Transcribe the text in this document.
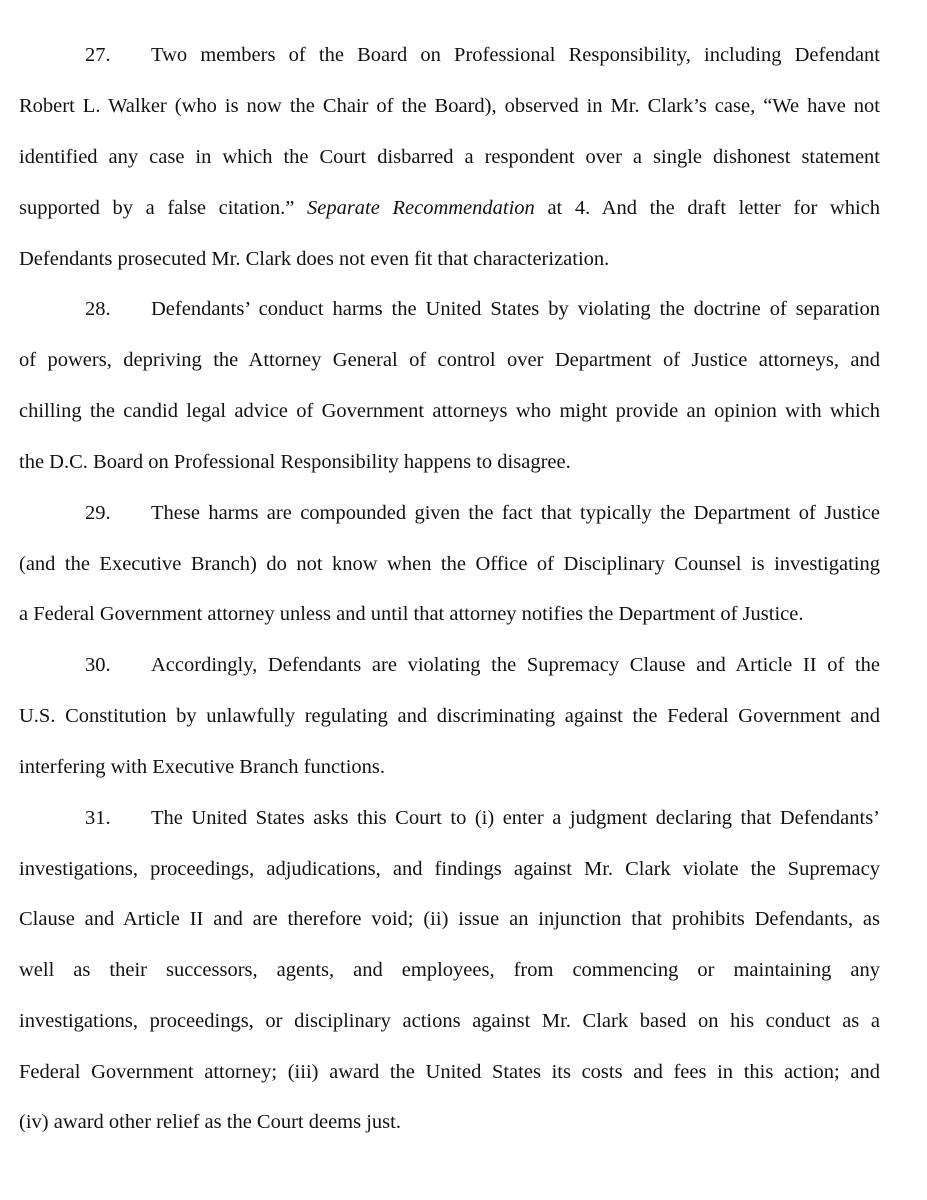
27. Two members of the Board on Professional Responsibility, including Defendant
Robert L. Walker (who is now the Chair of the Board), observed in Mr. Clark’s case, “We have not
identified any case in which the Court disbarred a respondent over a single dishonest statement
supported by a false citation.” Separate Recommendation at 4. And the draft letter for which
Defendants prosecuted Mr. Clark does not even fit that characterization.
28. Defendants’ conduct harms the United States by violating the doctrine of separation
of powers, depriving the Attorney General of control over Department of Justice attorneys, and
chilling the candid legal advice of Government attorneys who might provide an opinion with which
the D.C. Board on Professional Responsibility happens to disagree.
29. These harms are compounded given the fact that typically the Department of Justice
(and the Executive Branch) do not know when the Office of Disciplinary Counsel is investigating
a Federal Government attorney unless and until that attorney notifies the Department of Justice.
30. Accordingly, Defendants are violating the Supremacy Clause and Article II of the
U.S. Constitution by unlawfully regulating and discriminating against the Federal Government and
interfering with Executive Branch functions.
31. The United States asks this Court to (i) enter a judgment declaring that Defendants’
investigations, proceedings, adjudications, and findings against Mr. Clark violate the Supremacy
Clause and Article II and are therefore void; (ii) issue an injunction that prohibits Defendants, as
well as their successors, agents, and employees, from commencing or maintaining any
investigations, proceedings, or disciplinary actions against Mr. Clark based on his conduct as a
Federal Government attorney; (iii) award the United States its costs and fees in this action; and
(iv) award other relief as the Court deems just.
